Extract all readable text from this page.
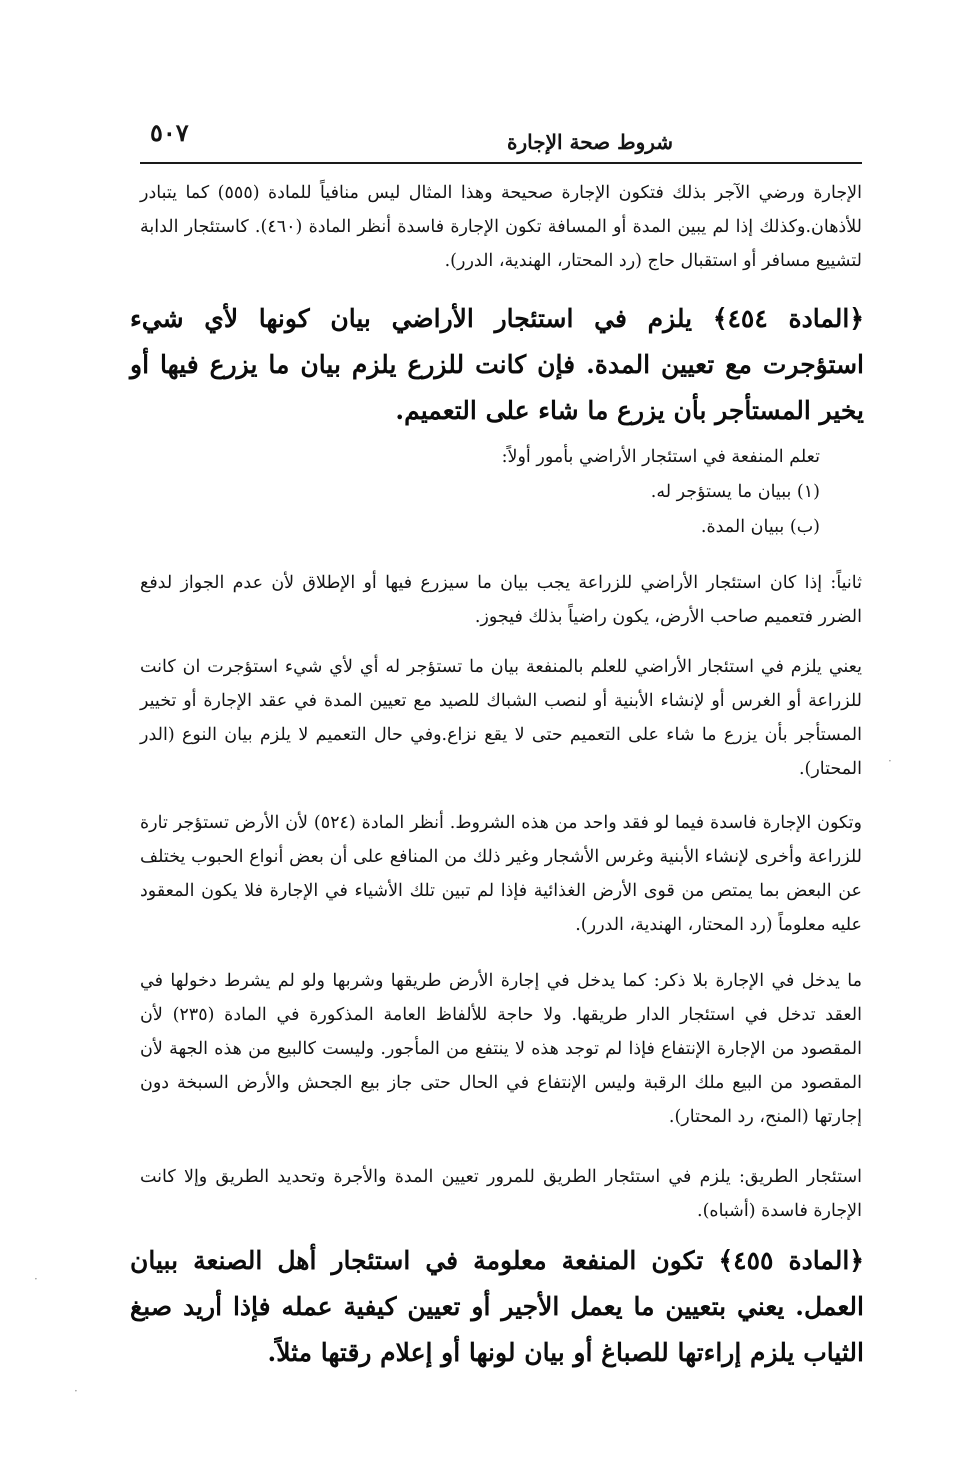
٥٠٧	شروط صحة الإجارة

الإجارة ورضي الآجر بذلك فتكون الإجارة صحيحة وهذا المثال ليس منافياً للمادة (٥٥٥) كما يتبادر للأذهان.وكذلك إذا لم يبين المدة أو المسافة تكون الإجارة فاسدة أنظر المادة (٤٦٠). كاستئجار الدابة لتشييع مسافر أو استقبال حاج (رد المحتار، الهندية، الدرر).

﴿المادة ٤٥٤﴾ يلزم في استئجار الأراضي بيان كونها لأي شيء استؤجرت مع تعيين المدة. فإن كانت للزرع يلزم بيان ما يزرع فيها أو يخير المستأجر بأن يزرع ما شاء على التعميم.

تعلم المنفعة في استئجار الأراضي بأمور أولاً:
(١) ببيان ما يستؤجر له.
(ب) ببيان المدة.

ثانياً: إذا كان استئجار الأراضي للزراعة يجب بيان ما سيزرع فيها أو الإطلاق لأن عدم الجواز لدفع الضرر فتعميم صاحب الأرض، يكون راضياً بذلك فيجوز.

يعني يلزم في استئجار الأراضي للعلم بالمنفعة بيان ما تستؤجر له أي لأي شيء استؤجرت ان كانت للزراعة أو الغرس أو لإنشاء الأبنية أو لنصب الشباك للصيد مع تعيين المدة في عقد الإجارة أو تخيير المستأجر بأن يزرع ما شاء على التعميم حتى لا يقع نزاع.وفي حال التعميم لا يلزم بيان النوع (الدر المحتار).

وتكون الإجارة فاسدة فيما لو فقد واحد من هذه الشروط. أنظر المادة (٥٢٤) لأن الأرض تستؤجر تارة للزراعة وأخرى لإنشاء الأبنية وغرس الأشجار وغير ذلك من المنافع على أن بعض أنواع الحبوب يختلف عن البعض بما يمتص من قوى الأرض الغذائية فإذا لم تبين تلك الأشياء في الإجارة فلا يكون المعقود عليه معلوماً (رد المحتار، الهندية، الدرر).

ما يدخل في الإجارة بلا ذكر: كما يدخل في إجارة الأرض طريقها وشربها ولو لم يشرط دخولها في العقد تدخل في استئجار الدار طريقها. ولا حاجة للألفاظ العامة المذكورة في المادة (٢٣٥) لأن المقصود من الإجارة الإنتفاع فإذا لم توجد هذه لا ينتفع من المأجور. وليست كالبيع من هذه الجهة لأن المقصود من البيع ملك الرقبة وليس الإنتفاع في الحال حتى جاز بيع الجحش والأرض السبخة دون إجارتها (المنح، رد المحتار).

استئجار الطريق: يلزم في استئجار الطريق للمرور تعيين المدة والأجرة وتحديد الطريق وإلا كانت الإجارة فاسدة (أشباه).

﴿المادة ٤٥٥﴾ تكون المنفعة معلومة في استئجار أهل الصنعة ببيان العمل. يعني بتعيين ما يعمل الأجير أو تعيين كيفية عمله فإذا أريد صبغ الثياب يلزم إراءتها للصباغ أو بيان لونها أو إعلام رقتها مثلاً.

·
·
·
